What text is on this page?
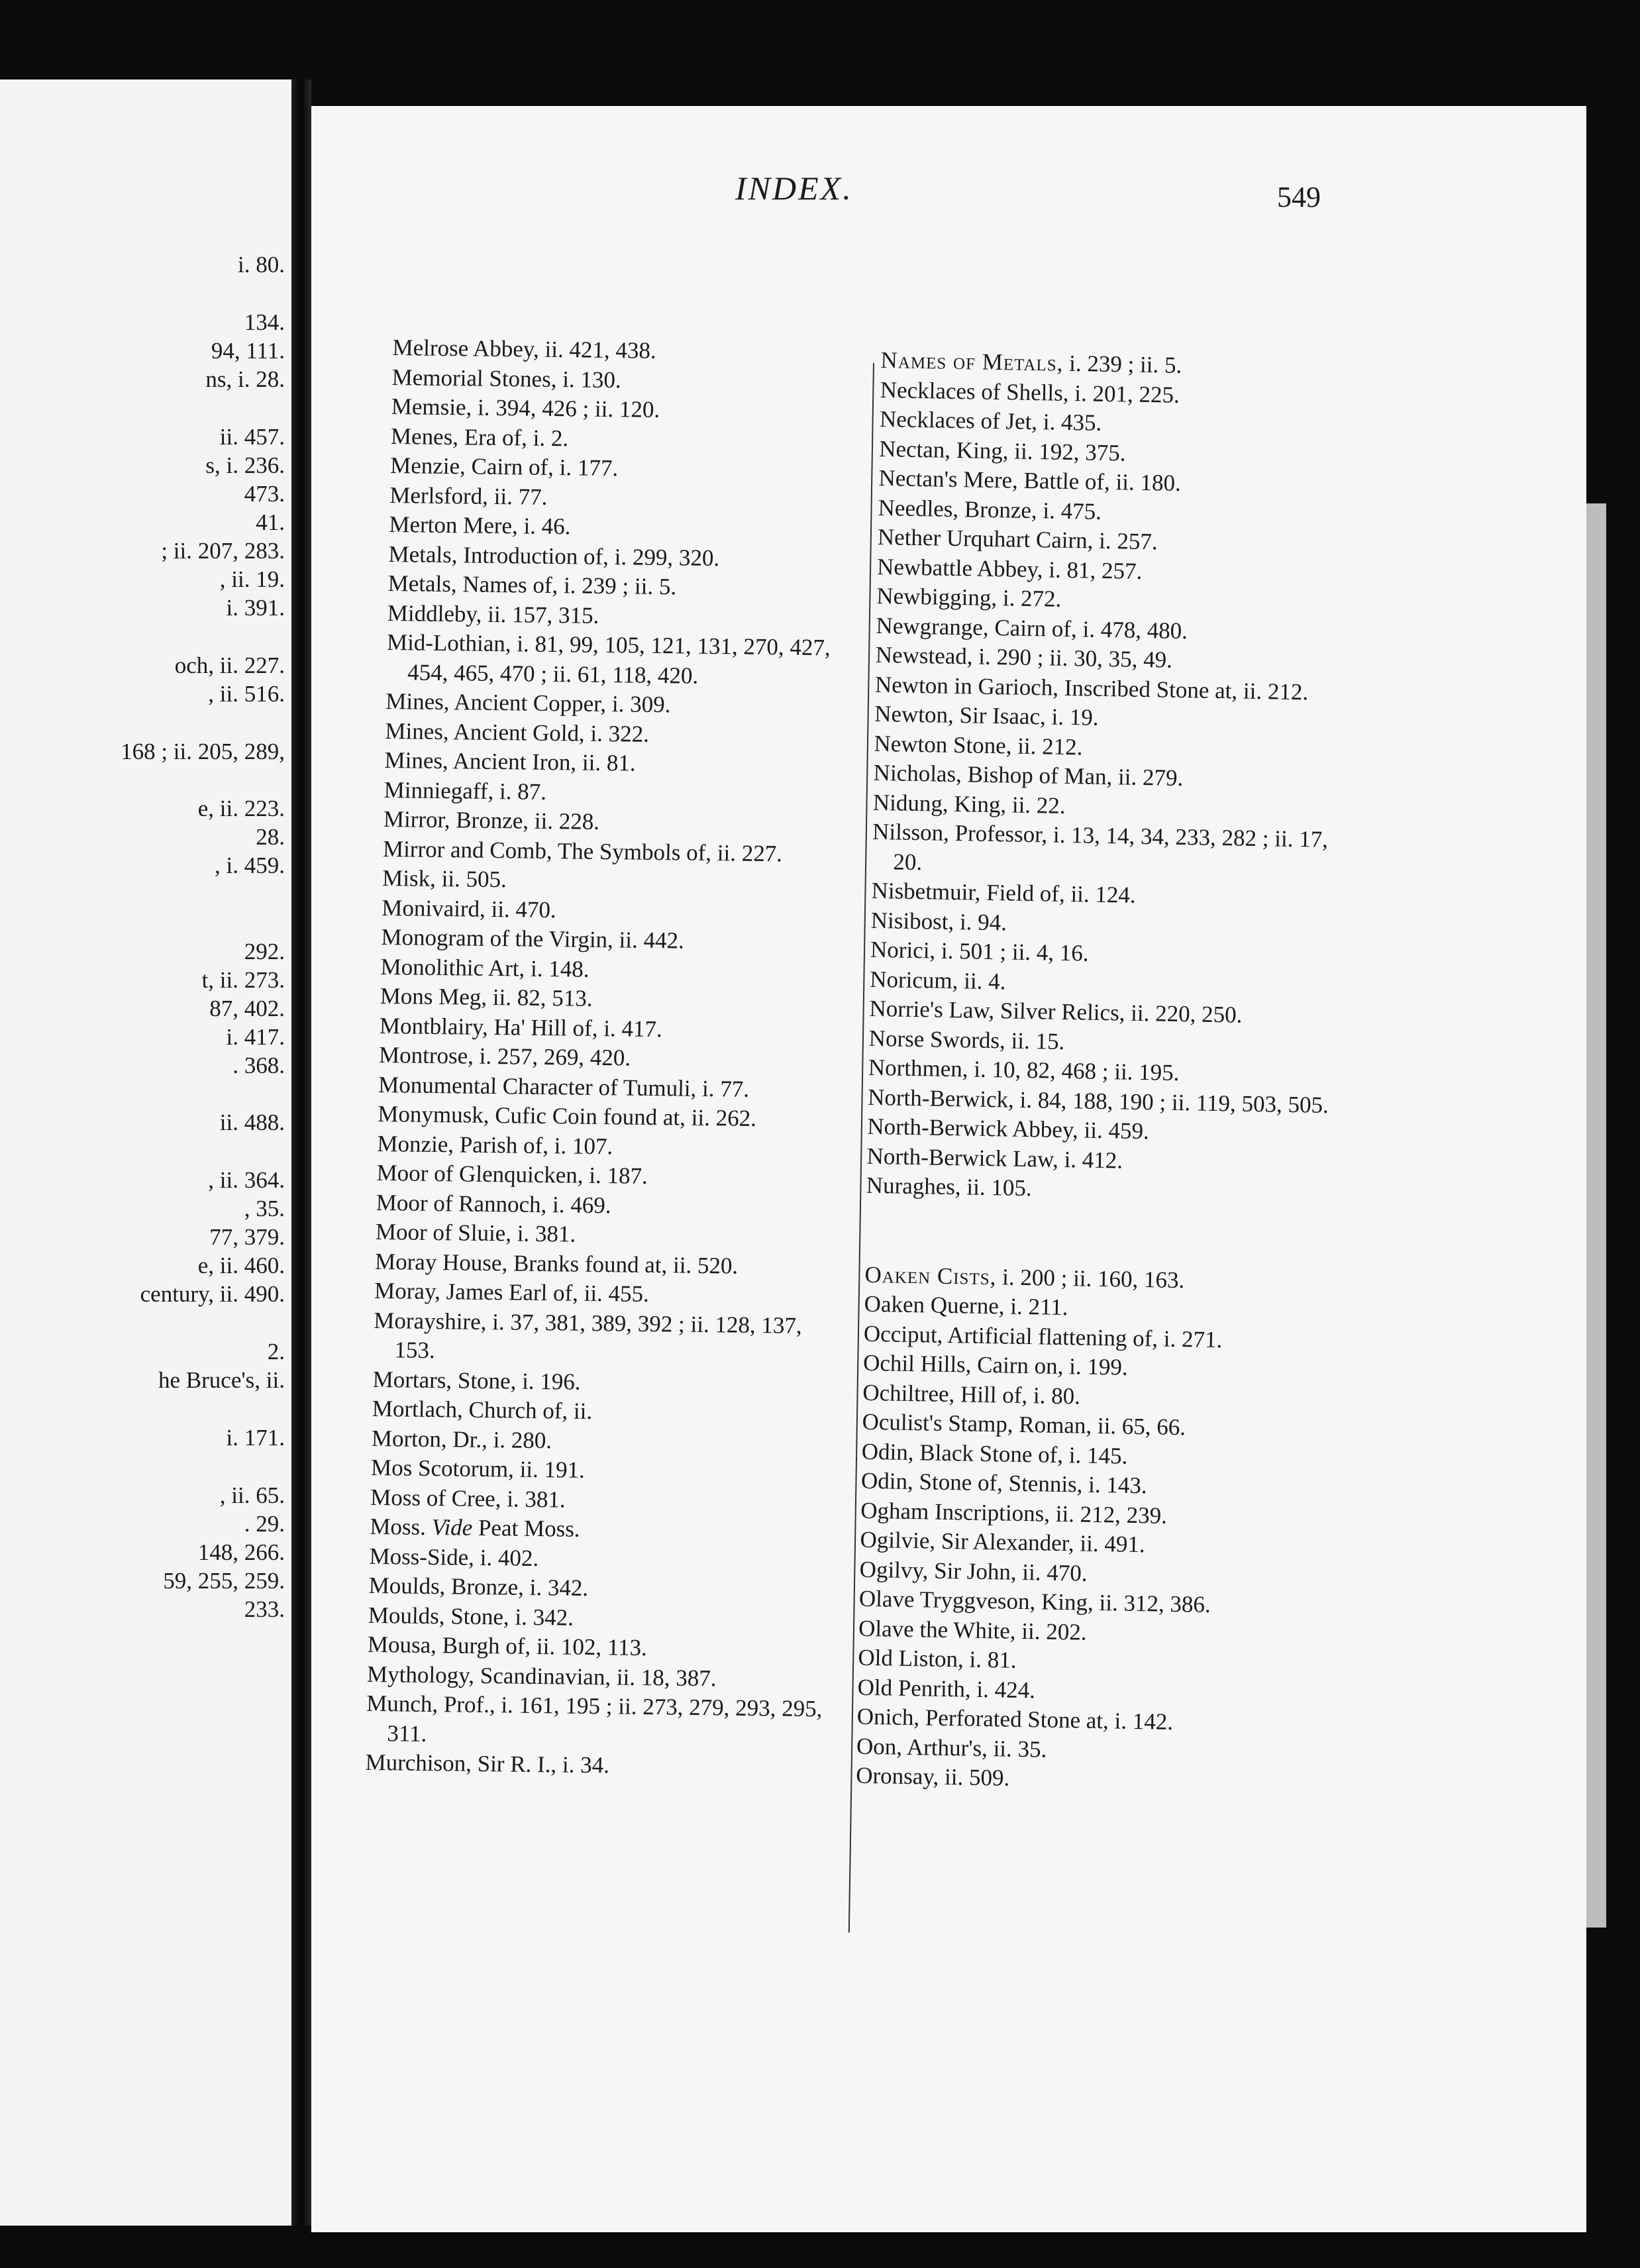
i. 80.
134.
94, 111.
ns, i. 28.
ii. 457.
s, i. 236.
473.
41.
; ii. 207, 283.
, ii. 19.
i. 391.
och, ii. 227.
, ii. 516.
168 ; ii. 205, 289,
e, ii. 223.
28.
, i. 459.
292.
t, ii. 273.
87, 402.
i. 417.
. 368.
ii. 488.
, ii. 364.
, 35.
77, 379.
e, ii. 460.
century, ii. 490.
2.
he Bruce's, ii.
i. 171.
, ii. 65.
. 29.
148, 266.
59, 255, 259.
233.
INDEX.	549
Melrose Abbey, ii. 421, 438.
Memorial Stones, i. 130.
Memsie, i. 394, 426 ; ii. 120.
Menes, Era of, i. 2.
Menzie, Cairn of, i. 177.
Merlsford, ii. 77.
Merton Mere, i. 46.
Metals, Introduction of, i. 299, 320.
Metals, Names of, i. 239 ; ii. 5.
Middleby, ii. 157, 315.
Mid-Lothian, i. 81, 99, 105, 121, 131, 270, 427, 454, 465, 470 ; ii. 61, 118, 420.
Mines, Ancient Copper, i. 309.
Mines, Ancient Gold, i. 322.
Mines, Ancient Iron, ii. 81.
Minniegaff, i. 87.
Mirror, Bronze, ii. 228.
Mirror and Comb, The Symbols of, ii. 227.
Misk, ii. 505.
Monivaird, ii. 470.
Monogram of the Virgin, ii. 442.
Monolithic Art, i. 148.
Mons Meg, ii. 82, 513.
Montblairy, Ha' Hill of, i. 417.
Montrose, i. 257, 269, 420.
Monumental Character of Tumuli, i. 77.
Monymusk, Cufic Coin found at, ii. 262.
Monzie, Parish of, i. 107.
Moor of Glenquicken, i. 187.
Moor of Rannoch, i. 469.
Moor of Sluie, i. 381.
Moray House, Branks found at, ii. 520.
Moray, James Earl of, ii. 455.
Morayshire, i. 37, 381, 389, 392 ; ii. 128, 137, 153.
Mortars, Stone, i. 196.
Mortlach, Church of, ii.
Morton, Dr., i. 280.
Mos Scotorum, ii. 191.
Moss of Cree, i. 381.
Moss. Vide Peat Moss.
Moss-Side, i. 402.
Moulds, Bronze, i. 342.
Moulds, Stone, i. 342.
Mousa, Burgh of, ii. 102, 113.
Mythology, Scandinavian, ii. 18, 387.
Munch, Prof., i. 161, 195 ; ii. 273, 279, 293, 295, 311.
Murchison, Sir R. I., i. 34.
Names of Metals, i. 239 ; ii. 5.
Necklaces of Shells, i. 201, 225.
Necklaces of Jet, i. 435.
Nectan, King, ii. 192, 375.
Nectan's Mere, Battle of, ii. 180.
Needles, Bronze, i. 475.
Nether Urquhart Cairn, i. 257.
Newbattle Abbey, i. 81, 257.
Newbigging, i. 272.
Newgrange, Cairn of, i. 478, 480.
Newstead, i. 290 ; ii. 30, 35, 49.
Newton in Garioch, Inscribed Stone at, ii. 212.
Newton, Sir Isaac, i. 19.
Newton Stone, ii. 212.
Nicholas, Bishop of Man, ii. 279.
Nidung, King, ii. 22.
Nilsson, Professor, i. 13, 14, 34, 233, 282 ; ii. 17, 20.
Nisbetmuir, Field of, ii. 124.
Nisibost, i. 94.
Norici, i. 501 ; ii. 4, 16.
Noricum, ii. 4.
Norrie's Law, Silver Relics, ii. 220, 250.
Norse Swords, ii. 15.
Northmen, i. 10, 82, 468 ; ii. 195.
North-Berwick, i. 84, 188, 190 ; ii. 119, 503, 505.
North-Berwick Abbey, ii. 459.
North-Berwick Law, i. 412.
Nuraghes, ii. 105.
Oaken Cists, i. 200 ; ii. 160, 163.
Oaken Querne, i. 211.
Occiput, Artificial flattening of, i. 271.
Ochil Hills, Cairn on, i. 199.
Ochiltree, Hill of, i. 80.
Oculist's Stamp, Roman, ii. 65, 66.
Odin, Black Stone of, i. 145.
Odin, Stone of, Stennis, i. 143.
Ogham Inscriptions, ii. 212, 239.
Ogilvie, Sir Alexander, ii. 491.
Ogilvy, Sir John, ii. 470.
Olave Tryggveson, King, ii. 312, 386.
Olave the White, ii. 202.
Old Liston, i. 81.
Old Penrith, i. 424.
Onich, Perforated Stone at, i. 142.
Oon, Arthur's, ii. 35.
Oronsay, ii. 509.
